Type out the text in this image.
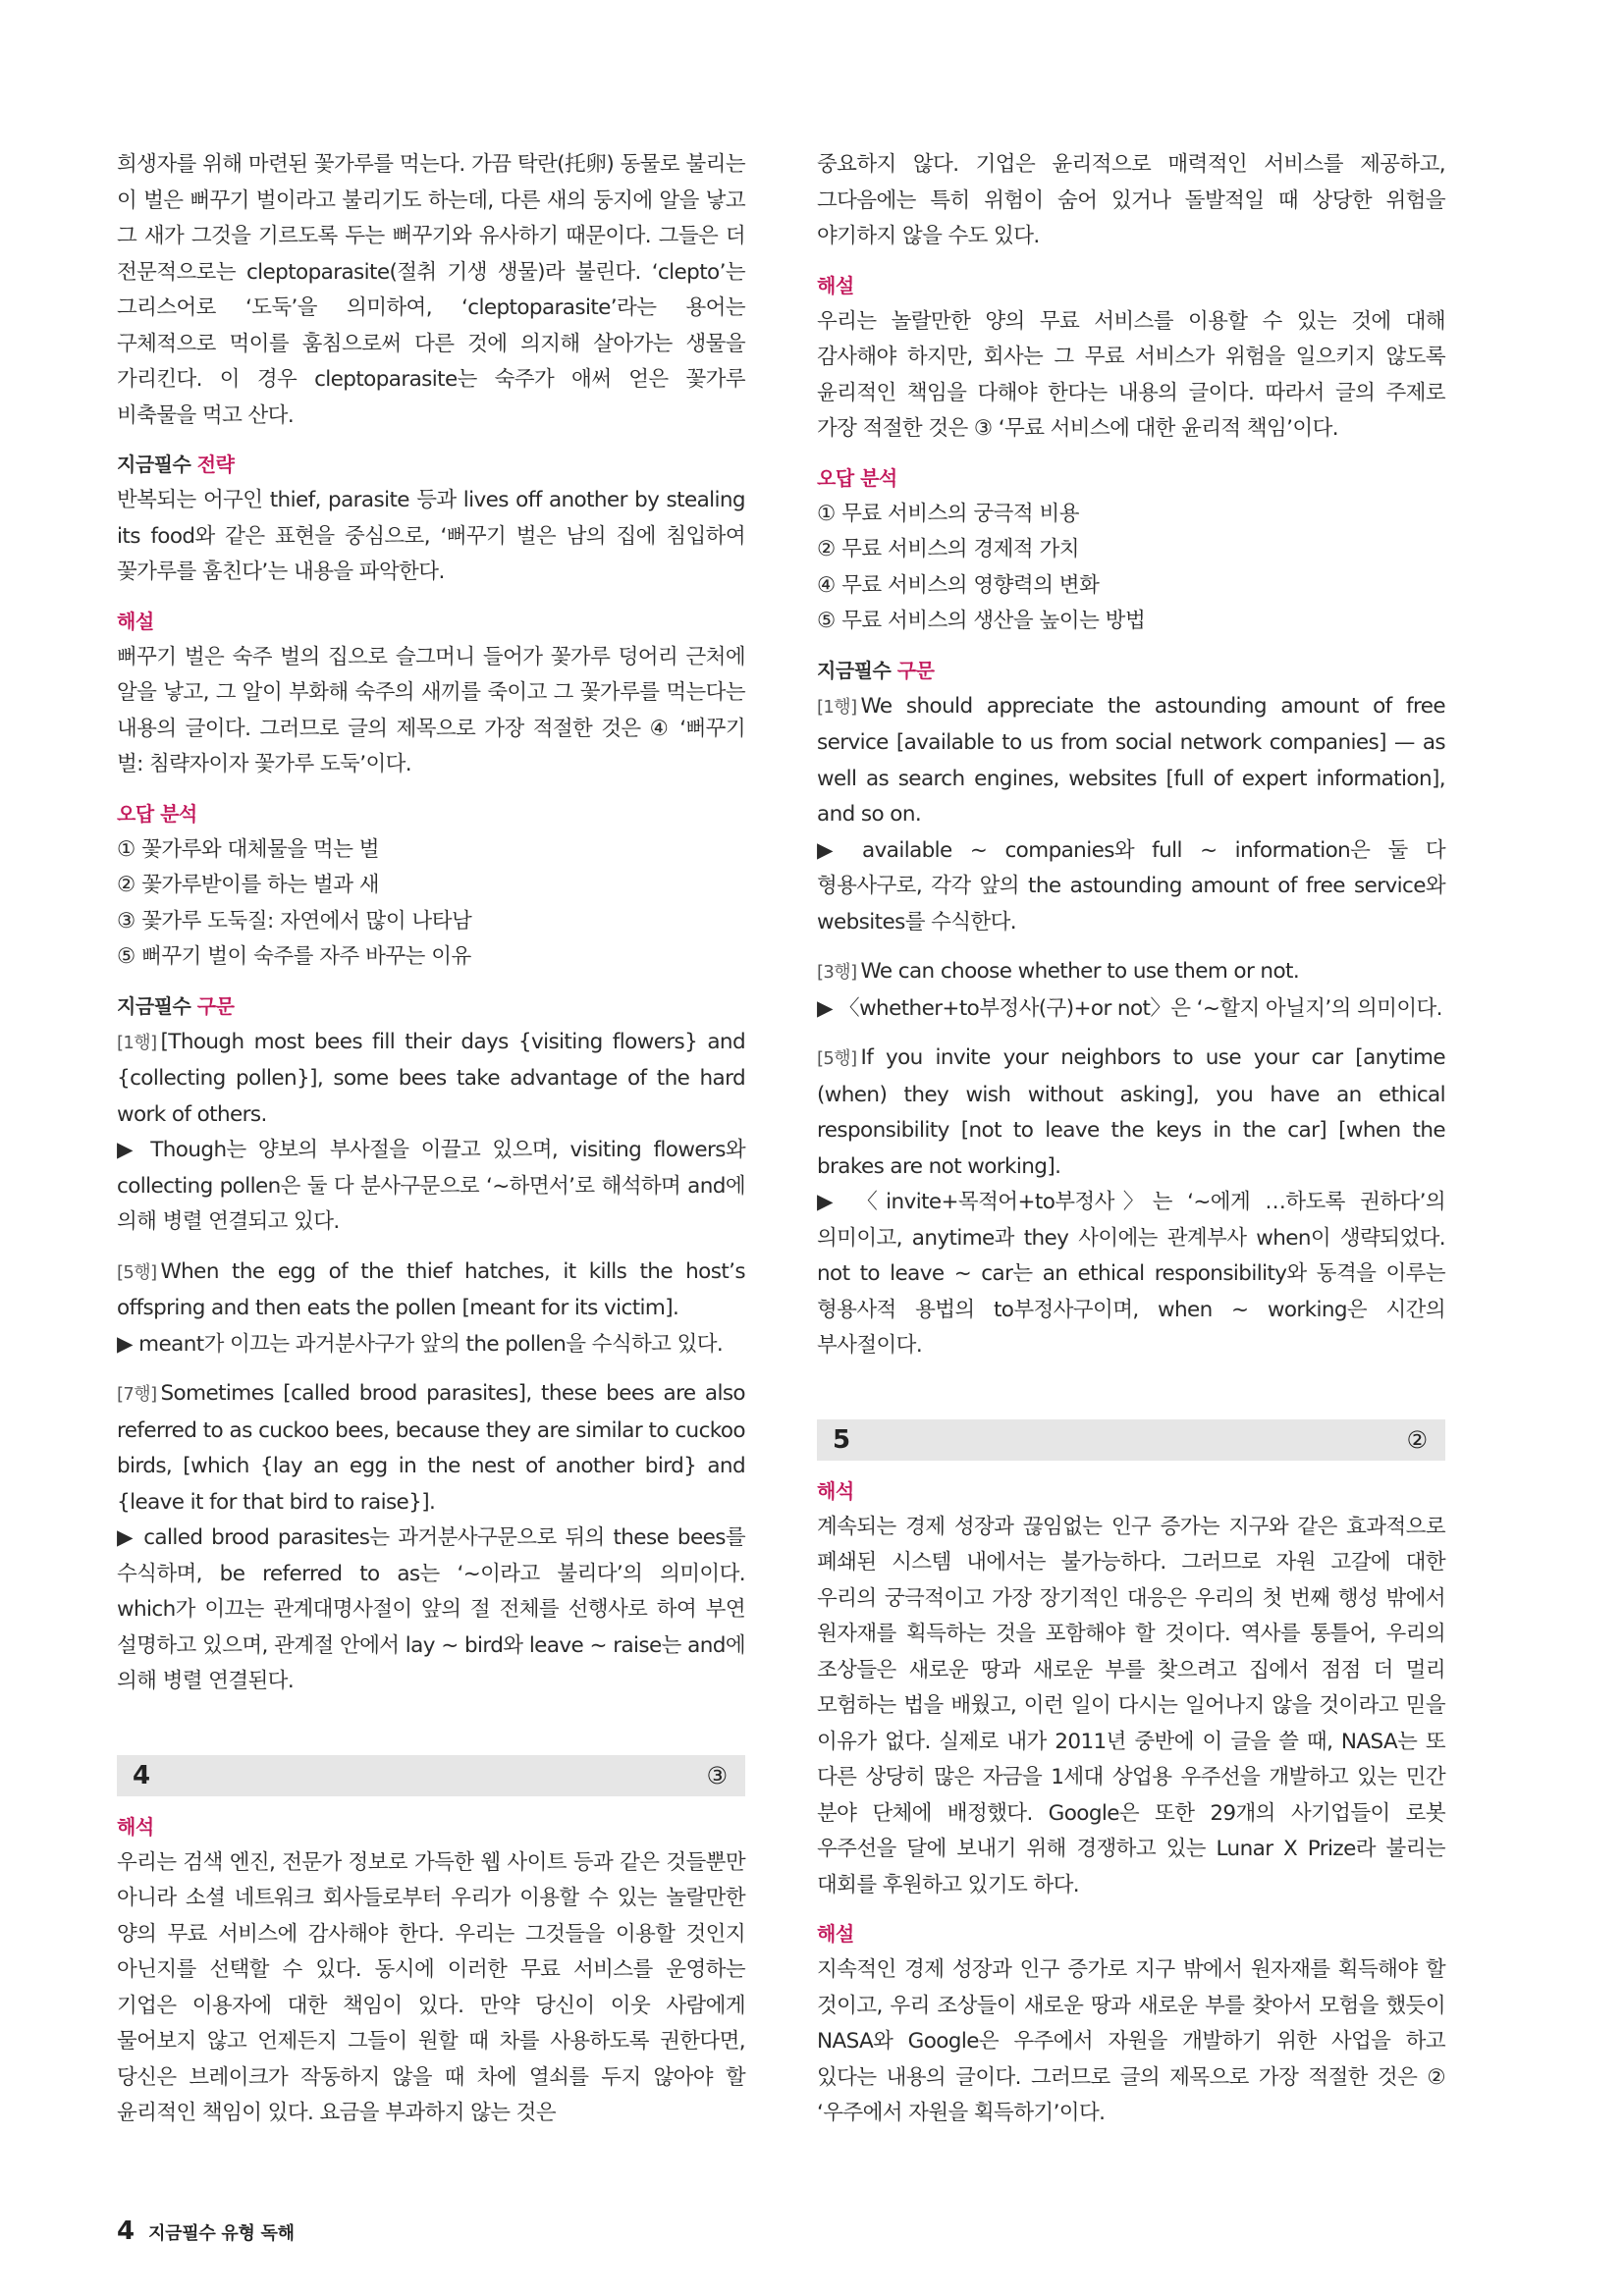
희생자를 위해 마련된 꽃가루를 먹는다. 가끔 탁란(托卵) 동물로 불리는 이 벌은 뻐꾸기 벌이라고 불리기도 하는데, 다른 새의 둥지에 알을 낳고 그 새가 그것을 기르도록 두는 뻐꾸기와 유사하기 때문이다. 그들은 더 전문적으로는 cleptoparasite(절취 기생 생물)라 불린다. ‘clepto’는 그리스어로 ‘도둑’을 의미하여, ‘cleptoparasite’라는 용어는 구체적으로 먹이를 훔침으로써 다른 것에 의지해 살아가는 생물을 가리킨다. 이 경우 cleptoparasite는 숙주가 애써 얻은 꽃가루 비축물을 먹고 산다.

지금필수 전략

반복되는 어구인 thief, parasite 등과 lives off another by stealing its food와 같은 표현을 중심으로, ‘뻐꾸기 벌은 남의 집에 침입하여 꽃가루를 훔친다’는 내용을 파악한다.

해설

뻐꾸기 벌은 숙주 벌의 집으로 슬그머니 들어가 꽃가루 덩어리 근처에 알을 낳고, 그 알이 부화해 숙주의 새끼를 죽이고 그 꽃가루를 먹는다는 내용의 글이다. 그러므로 글의 제목으로 가장 적절한 것은 ④ ‘뻐꾸기 벌: 침략자이자 꽃가루 도둑’이다.

오답 분석
① 꽃가루와 대체물을 먹는 벌
② 꽃가루받이를 하는 벌과 새
③ 꽃가루 도둑질: 자연에서 많이 나타남
⑤ 뻐꾸기 벌이 숙주를 자주 바꾸는 이유
지금필수 구문

[1행] [Though most bees fill their days {visiting flowers} and {collecting pollen}], some bees take advantage of the hard work of others.

▶ Though는 양보의 부사절을 이끌고 있으며, visiting flowers와 collecting pollen은 둘 다 분사구문으로 ‘~하면서’로 해석하며 and에 의해 병렬 연결되고 있다.

[5행] When the egg of the thief hatches, it kills the host’s offspring and then eats the pollen [meant for its victim].

▶ meant가 이끄는 과거분사구가 앞의 the pollen을 수식하고 있다.

[7행] Sometimes [called brood parasites], these bees are also referred to as cuckoo bees, because they are similar to cuckoo birds, [which {lay an egg in the nest of another bird} and {leave it for that bird to raise}].

▶ called brood parasites는 과거분사구문으로 뒤의 these bees를 수식하며, be referred to as는 ‘~이라고 불리다’의 의미이다. which가 이끄는 관계대명사절이 앞의 절 전체를 선행사로 하여 부연 설명하고 있으며, 관계절 안에서 lay ~ bird와 leave ~ raise는 and에 의해 병렬 연결된다.

4	③
해석

우리는 검색 엔진, 전문가 정보로 가득한 웹 사이트 등과 같은 것들뿐만 아니라 소셜 네트워크 회사들로부터 우리가 이용할 수 있는 놀랄만한 양의 무료 서비스에 감사해야 한다. 우리는 그것들을 이용할 것인지 아닌지를 선택할 수 있다. 동시에 이러한 무료 서비스를 운영하는 기업은 이용자에 대한 책임이 있다. 만약 당신이 이웃 사람에게 물어보지 않고 언제든지 그들이 원할 때 차를 사용하도록 권한다면, 당신은 브레이크가 작동하지 않을 때 차에 열쇠를 두지 않아야 할 윤리적인 책임이 있다. 요금을 부과하지 않는 것은

중요하지 않다. 기업은 윤리적으로 매력적인 서비스를 제공하고, 그다음에는 특히 위험이 숨어 있거나 돌발적일 때 상당한 위험을 야기하지 않을 수도 있다.

해설

우리는 놀랄만한 양의 무료 서비스를 이용할 수 있는 것에 대해 감사해야 하지만, 회사는 그 무료 서비스가 위험을 일으키지 않도록 윤리적인 책임을 다해야 한다는 내용의 글이다. 따라서 글의 주제로 가장 적절한 것은 ③ ‘무료 서비스에 대한 윤리적 책임’이다.

오답 분석
① 무료 서비스의 궁극적 비용
② 무료 서비스의 경제적 가치
④ 무료 서비스의 영향력의 변화
⑤ 무료 서비스의 생산을 높이는 방법
지금필수 구문

[1행] We should appreciate the astounding amount of free service [available to us from social network companies] — as well as search engines, websites [full of expert information], and so on.

▶ available ~ companies와 full ~ information은 둘 다 형용사구로, 각각 앞의 the astounding amount of free service와 websites를 수식한다.

[3행] We can choose whether to use them or not.

▶ 〈whether+to부정사(구)+or not〉은 ‘~할지 아닐지’의 의미이다.

[5행] If you invite your neighbors to use your car [anytime (when) they wish without asking], you have an ethical responsibility [not to leave the keys in the car] [when the brakes are not working].

▶ 〈invite+목적어+to부정사〉는 ‘~에게 …하도록 권하다’의 의미이고, anytime과 they 사이에는 관계부사 when이 생략되었다. not to leave ~ car는 an ethical responsibility와 동격을 이루는 형용사적 용법의 to부정사구이며, when ~ working은 시간의 부사절이다.

5	②
해석

계속되는 경제 성장과 끊임없는 인구 증가는 지구와 같은 효과적으로 폐쇄된 시스템 내에서는 불가능하다. 그러므로 자원 고갈에 대한 우리의 궁극적이고 가장 장기적인 대응은 우리의 첫 번째 행성 밖에서 원자재를 획득하는 것을 포함해야 할 것이다. 역사를 통틀어, 우리의 조상들은 새로운 땅과 새로운 부를 찾으려고 집에서 점점 더 멀리 모험하는 법을 배웠고, 이런 일이 다시는 일어나지 않을 것이라고 믿을 이유가 없다. 실제로 내가 2011년 중반에 이 글을 쓸 때, NASA는 또 다른 상당히 많은 자금을 1세대 상업용 우주선을 개발하고 있는 민간 분야 단체에 배정했다. Google은 또한 29개의 사기업들이 로봇 우주선을 달에 보내기 위해 경쟁하고 있는 Lunar X Prize라 불리는 대회를 후원하고 있기도 하다.

해설

지속적인 경제 성장과 인구 증가로 지구 밖에서 원자재를 획득해야 할 것이고, 우리 조상들이 새로운 땅과 새로운 부를 찾아서 모험을 했듯이 NASA와 Google은 우주에서 자원을 개발하기 위한 사업을 하고 있다는 내용의 글이다. 그러므로 글의 제목으로 가장 적절한 것은 ② ‘우주에서 자원을 획득하기’이다.

4 지금필수 유형 독해
